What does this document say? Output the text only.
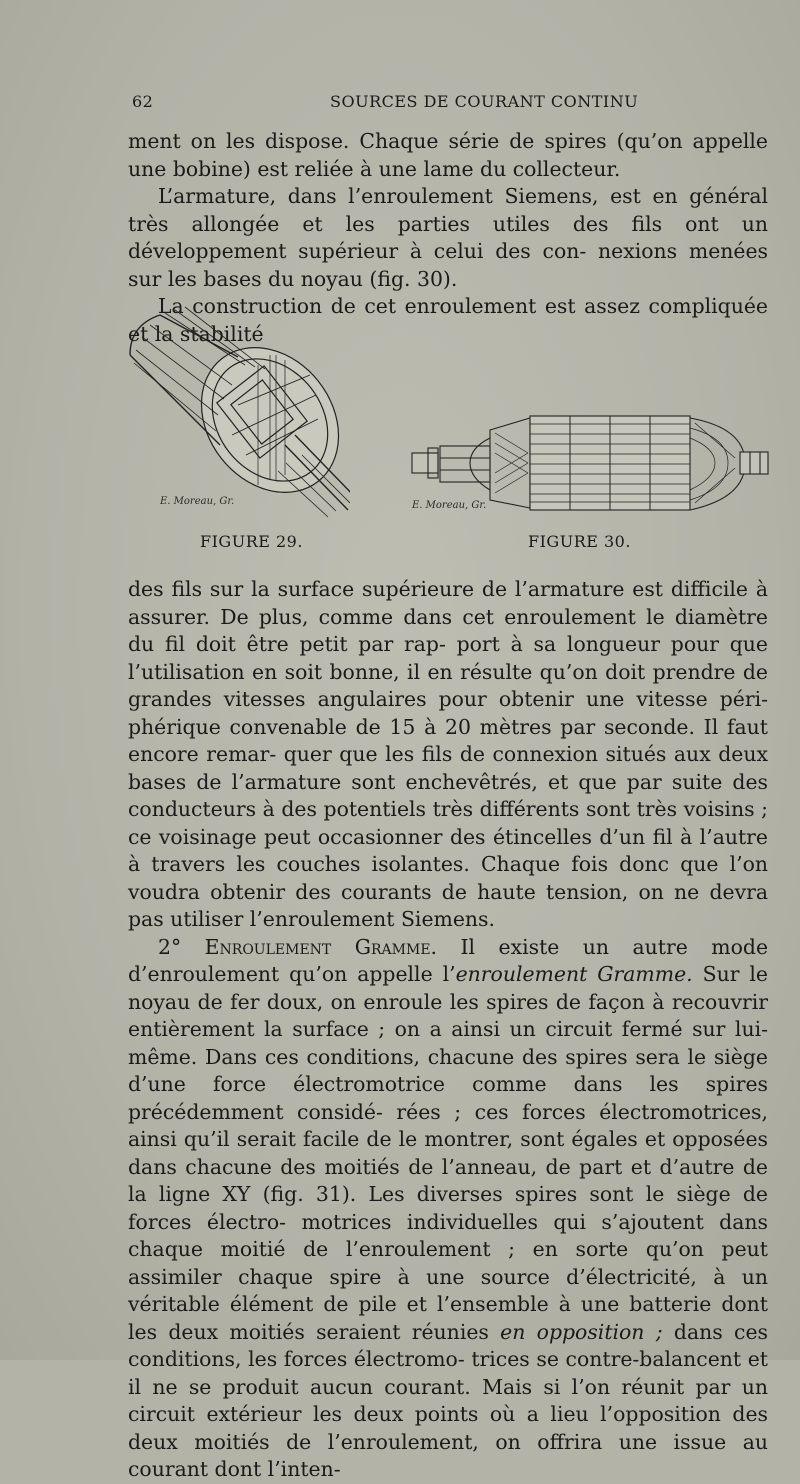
62	SOURCES DE COURANT CONTINU

ment on les dispose. Chaque série de spires (qu’on appelle une bobine) est reliée à une lame du collecteur.

L’armature, dans l’enroulement Siemens, est en général très allongée et les parties utiles des fils ont un développement supérieur à celui des con- nexions menées sur les bases du noyau (fig. 30).

La construction de cet enroulement est assez compliquée et la stabilité

E. Moreau, Gr.
FIGURE 29.
E. Moreau, Gr.
FIGURE 30.

des fils sur la surface supérieure de l’armature est difficile à assurer. De plus, comme dans cet enroulement le diamètre du fil doit être petit par rap- port à sa longueur pour que l’utilisation en soit bonne, il en résulte qu’on doit prendre de grandes vitesses angulaires pour obtenir une vitesse péri- phérique convenable de 15 à 20 mètres par seconde. Il faut encore remar- quer que les fils de connexion situés aux deux bases de l’armature sont enchevêtrés, et que par suite des conducteurs à des potentiels très différents sont très voisins ; ce voisinage peut occasionner des étincelles d’un fil à l’autre à travers les couches isolantes. Chaque fois donc que l’on voudra obtenir des courants de haute tension, on ne devra pas utiliser l’enroulement Siemens.

2° Enroulement Gramme. Il existe un autre mode d’enroulement qu’on appelle l’enroulement Gramme. Sur le noyau de fer doux, on enroule les spires de façon à recouvrir entièrement la surface ; on a ainsi un circuit fermé sur lui-même. Dans ces conditions, chacune des spires sera le siège d’une force électromotrice comme dans les spires précédemment considé- rées ; ces forces électromotrices, ainsi qu’il serait facile de le montrer, sont égales et opposées dans chacune des moitiés de l’anneau, de part et d’autre de la ligne XY (fig. 31). Les diverses spires sont le siège de forces électro- motrices individuelles qui s’ajoutent dans chaque moitié de l’enroulement ; en sorte qu’on peut assimiler chaque spire à une source d’électricité, à un véritable élément de pile et l’ensemble à une batterie dont les deux moitiés seraient réunies en opposition ; dans ces conditions, les forces électromo- trices se contre-balancent et il ne se produit aucun courant. Mais si l’on réunit par un circuit extérieur les deux points où a lieu l’opposition des deux moitiés de l’enroulement, on offrira une issue au courant dont l’inten-
